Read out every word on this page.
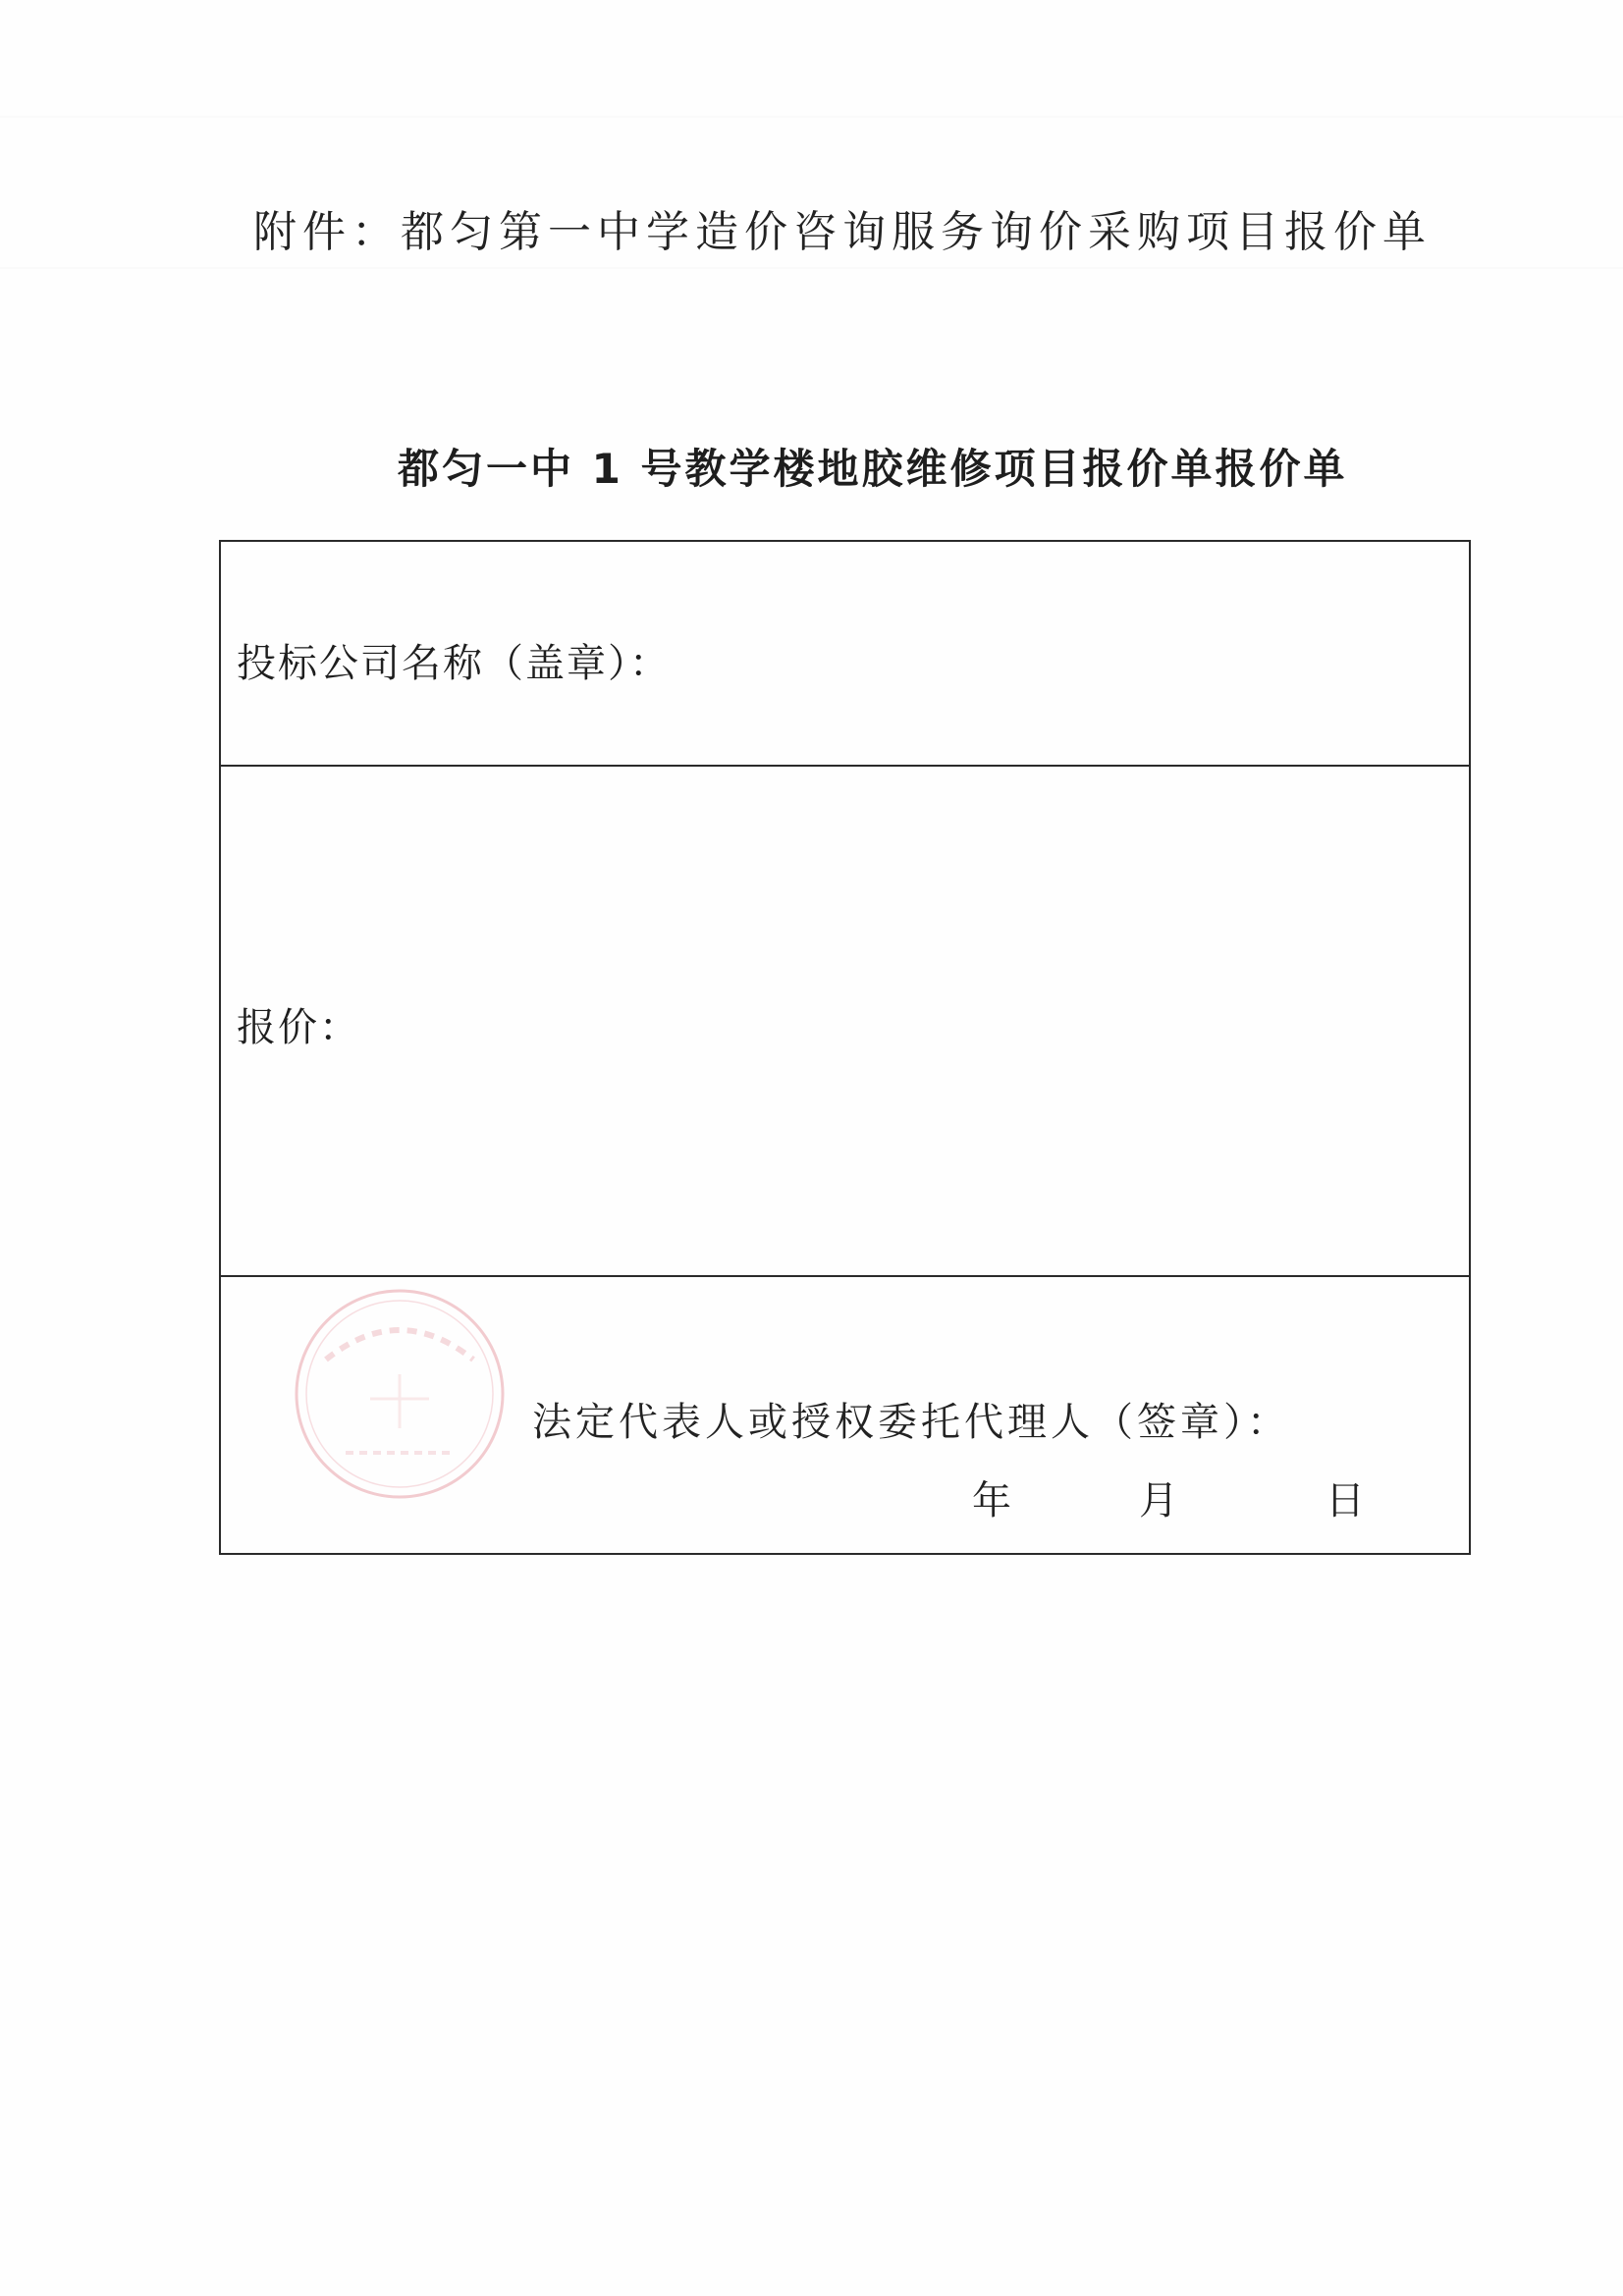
附件：都匀第一中学造价咨询服务询价采购项目报价单
都匀一中 1 号教学楼地胶维修项目报价单报价单
投标公司名称（盖章）：
报价：
法定代表人或授权委托代理人（签章）：
年	月	日
